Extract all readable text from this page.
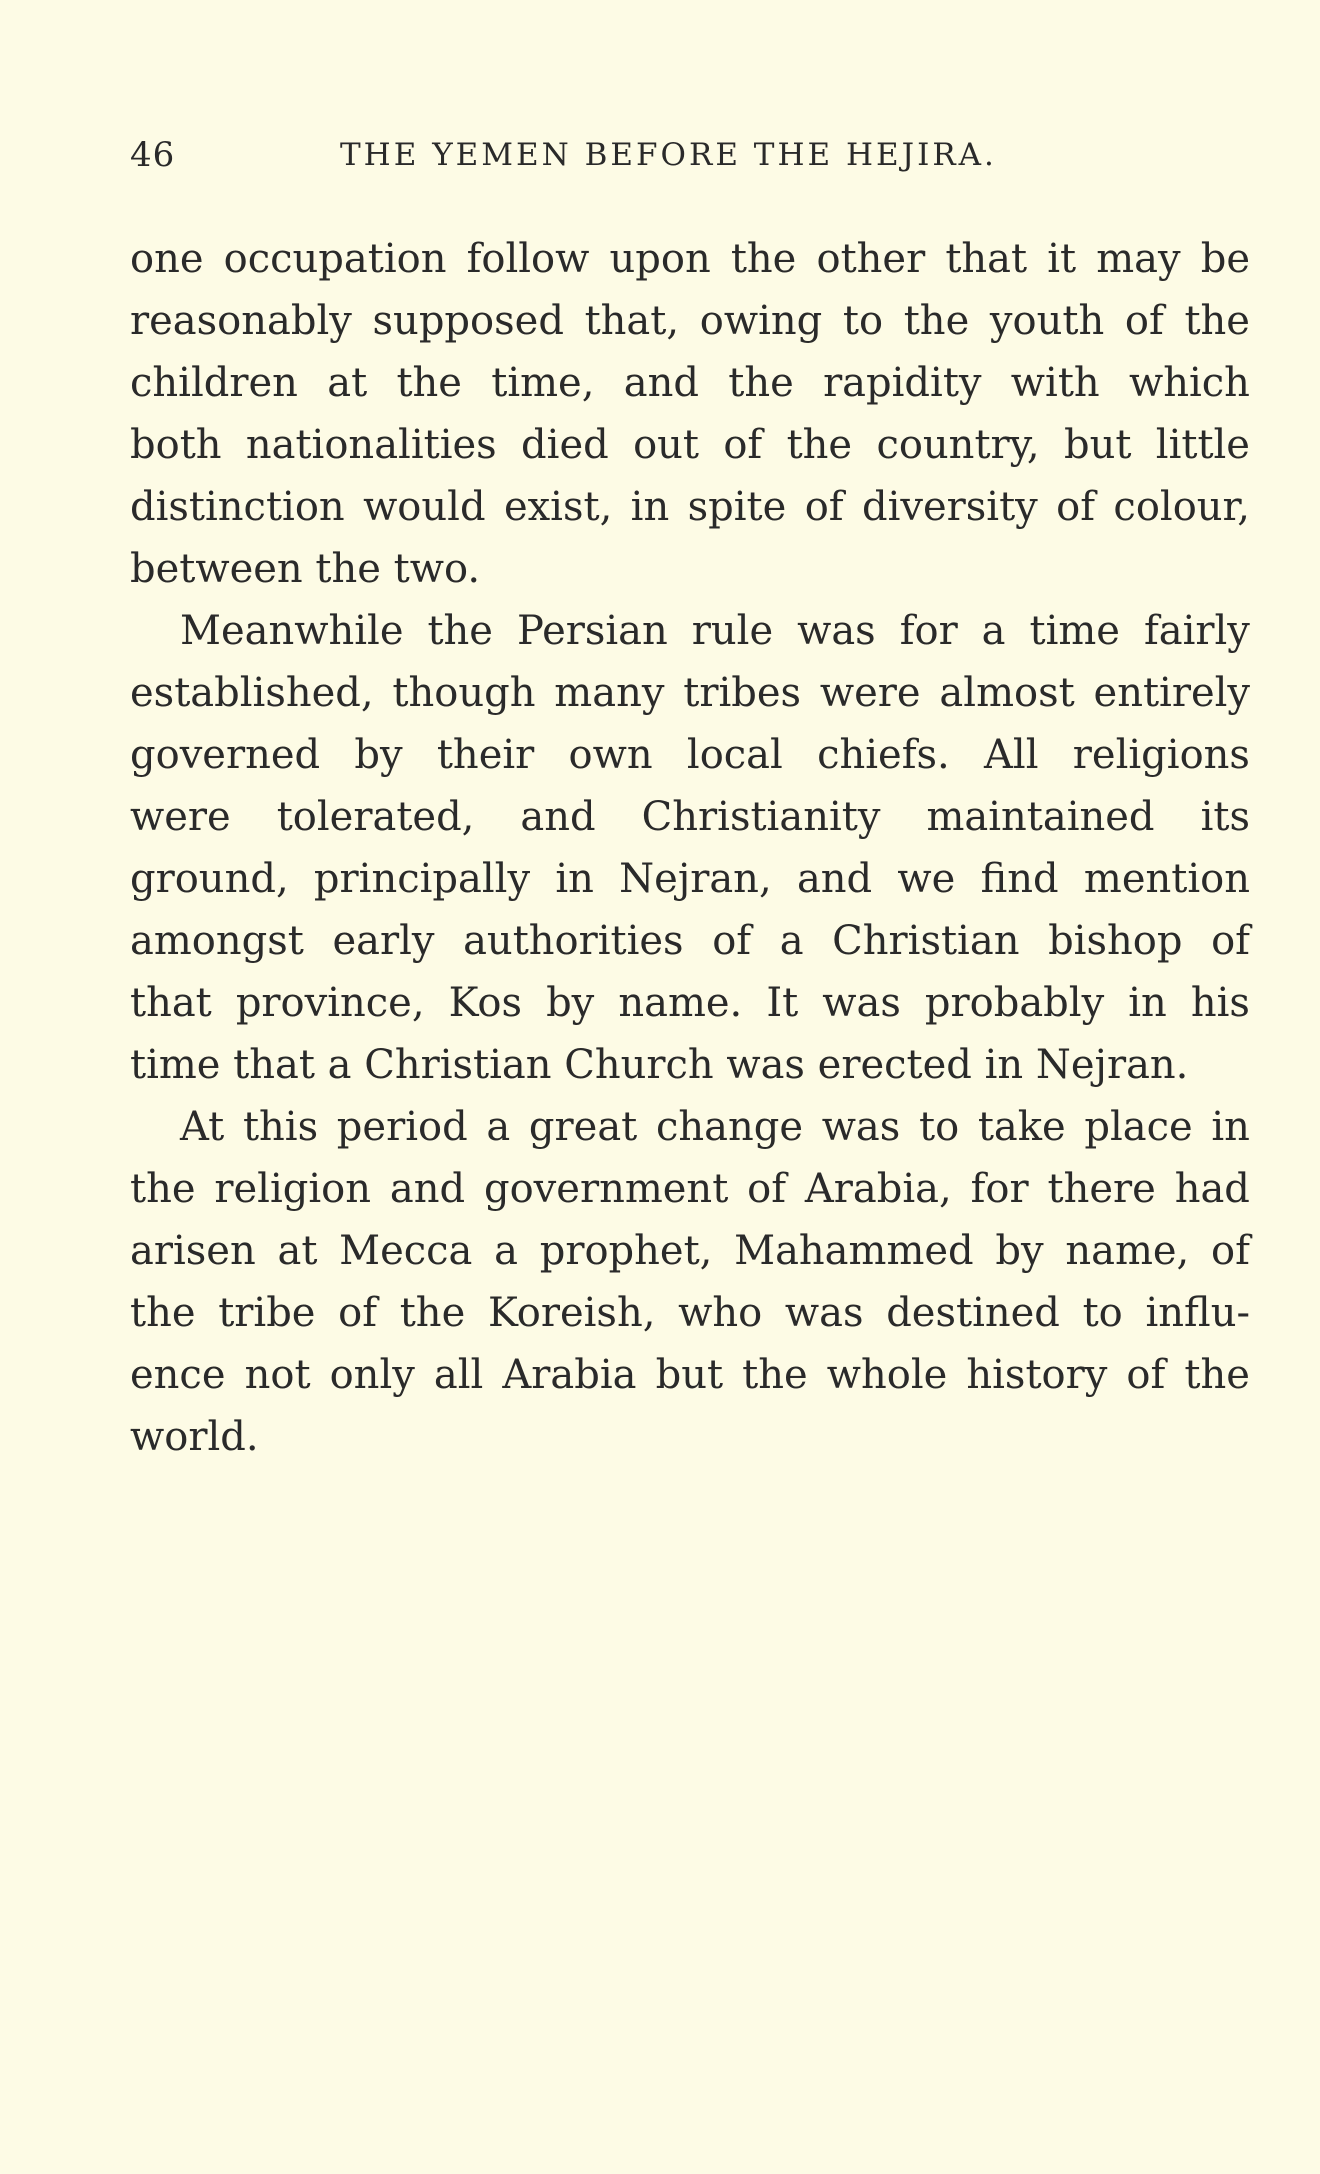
46	THE YEMEN BEFORE THE HEJIRA.
one occupation follow upon the other that it may be
reasonably supposed that, owing to the youth of the
children at the time, and the rapidity with which
both nationalities died out of the country, but little
distinction would exist, in spite of diversity of colour,
between the two.
Meanwhile the Persian rule was for a time fairly
established, though many tribes were almost entirely
governed by their own local chiefs. All religions
were tolerated, and Christianity maintained its
ground, principally in Nejran, and we find mention
amongst early authorities of a Christian bishop of
that province, Kos by name. It was probably in his
time that a Christian Church was erected in Nejran.
At this period a great change was to take place in
the religion and government of Arabia, for there had
arisen at Mecca a prophet, Mahammed by name, of
the tribe of the Koreish, who was destined to influ-
ence not only all Arabia but the whole history of the
world.
